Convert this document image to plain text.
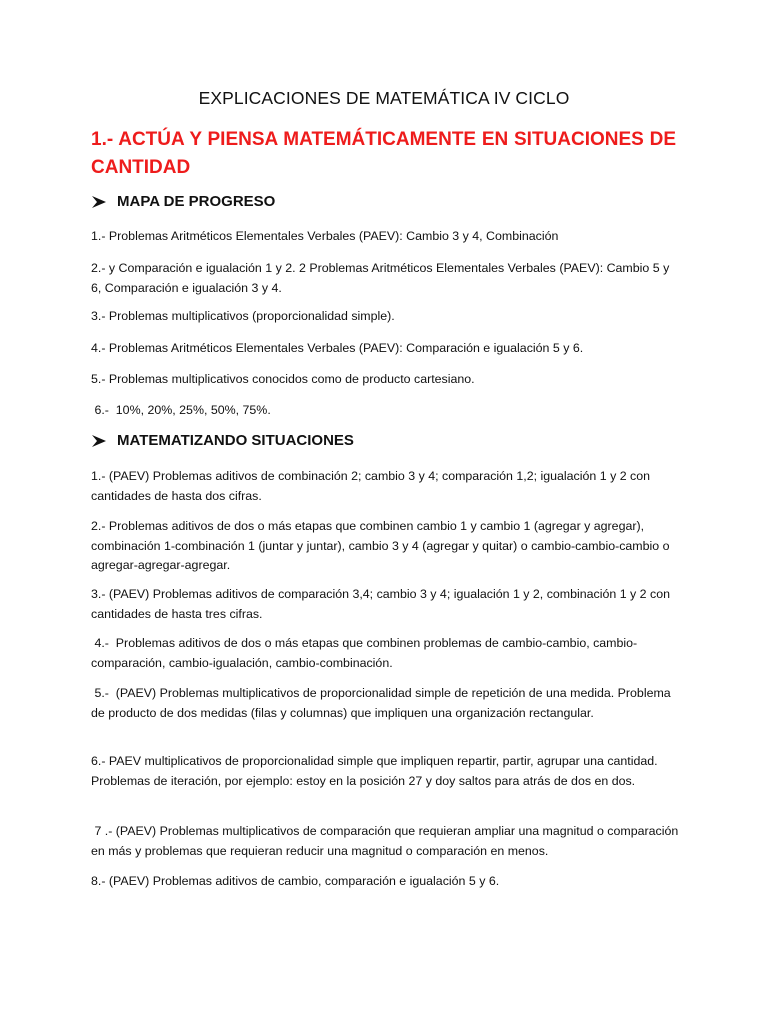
EXPLICACIONES DE MATEMÁTICA IV CICLO
1.- ACTÚA Y PIENSA MATEMÁTICAMENTE EN SITUACIONES DE CANTIDAD
MAPA DE PROGRESO
1.- Problemas Aritméticos Elementales Verbales (PAEV): Cambio 3 y 4, Combinación
2.- y Comparación e igualación 1 y 2. 2 Problemas Aritméticos Elementales Verbales (PAEV): Cambio 5 y 6, Comparación e igualación 3 y 4.
3.- Problemas multiplicativos (proporcionalidad simple).
4.- Problemas Aritméticos Elementales Verbales (PAEV): Comparación e igualación 5 y 6.
5.- Problemas multiplicativos conocidos como de producto cartesiano.
6.-  10%, 20%, 25%, 50%, 75%.
MATEMATIZANDO SITUACIONES
1.- (PAEV) Problemas aditivos de combinación 2; cambio 3 y 4; comparación 1,2; igualación 1 y 2 con cantidades de hasta dos cifras.
2.- Problemas aditivos de dos o más etapas que combinen cambio 1 y cambio 1 (agregar y agregar), combinación 1-combinación 1 (juntar y juntar), cambio 3 y 4 (agregar y quitar) o cambio-cambio-cambio o agregar-agregar-agregar.
3.- (PAEV) Problemas aditivos de comparación 3,4; cambio 3 y 4; igualación 1 y 2, combinación 1 y 2 con cantidades de hasta tres cifras.
4.-  Problemas aditivos de dos o más etapas que combinen problemas de cambio-cambio, cambio-comparación, cambio-igualación, cambio-combinación.
5.-  (PAEV) Problemas multiplicativos de proporcionalidad simple de repetición de una medida. Problema de producto de dos medidas (filas y columnas) que impliquen una organización rectangular.
6.- PAEV multiplicativos de proporcionalidad simple que impliquen repartir, partir, agrupar una cantidad. Problemas de iteración, por ejemplo: estoy en la posición 27 y doy saltos para atrás de dos en dos.
7 .- (PAEV) Problemas multiplicativos de comparación que requieran ampliar una magnitud o comparación en más y problemas que requieran reducir una magnitud o comparación en menos.
8.- (PAEV) Problemas aditivos de cambio, comparación e igualación 5 y 6.
